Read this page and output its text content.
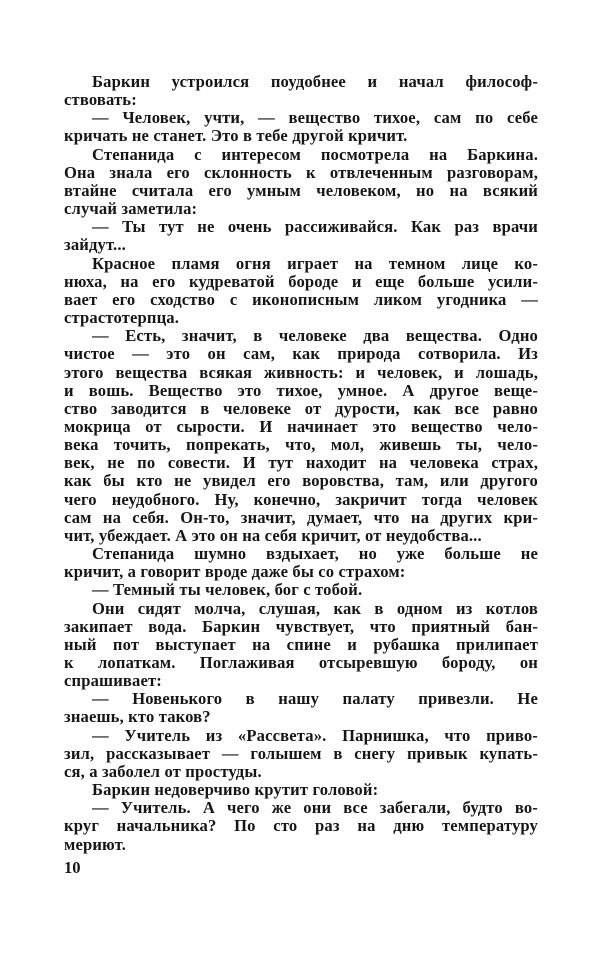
Баркин устроился поудобнее и начал философ-
ствовать:
— Человек, учти, — вещество тихое, сам по себе
кричать не станет. Это в тебе другой кричит.
Степанида с интересом посмотрела на Баркина.
Она знала его склонность к отвлеченным разговорам,
втайне считала его умным человеком, но на всякий
случай заметила:
— Ты тут не очень рассиживайся. Как раз врачи
зайдут...
Красное пламя огня играет на темном лице ко-
нюха, на его кудреватой бороде и еще больше усили-
вает его сходство с иконописным ликом угодника —
страстотерпца.
— Есть, значит, в человеке два вещества. Одно
чистое — это он сам, как природа сотворила. Из
этого вещества всякая живность: и человек, и лошадь,
и вошь. Вещество это тихое, умное. А другое веще-
ство заводится в человеке от дурости, как все равно
мокрица от сырости. И начинает это вещество чело-
века точить, попрекать, что, мол, живешь ты, чело-
век, не по совести. И тут находит на человека страх,
как бы кто не увидел его воровства, там, или другого
чего неудобного. Ну, конечно, закричит тогда человек
сам на себя. Он-то, значит, думает, что на других кри-
чит, убеждает. А это он на себя кричит, от неудобства...
Степанида шумно вздыхает, но уже больше не
кричит, а говорит вроде даже бы со страхом:
— Темный ты человек, бог с тобой.
Они сидят молча, слушая, как в одном из котлов
закипает вода. Баркин чувствует, что приятный бан-
ный пот выступает на спине и рубашка прилипает
к лопаткам. Поглаживая отсыревшую бороду, он
спрашивает:
— Новенького в нашу палату привезли. Не
знаешь, кто таков?
— Учитель из «Рассвета». Парнишка, что приво-
зил, рассказывает — голышем в снегу привык купать-
ся, а заболел от простуды.
Баркин недоверчиво крутит головой:
— Учитель. А чего же они все забегали, будто во-
круг начальника? По сто раз на дню температуру
мериют.
10
